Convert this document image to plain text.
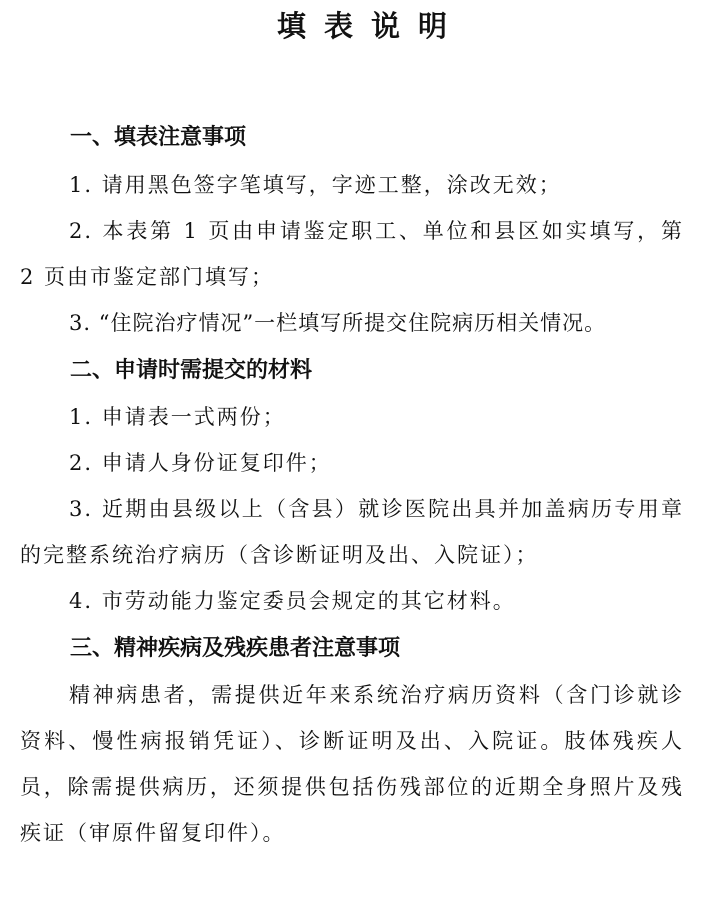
填表说明
一、填表注意事项
1. 请用黑色签字笔填写，字迹工整，涂改无效；
2. 本表第 1 页由申请鉴定职工、单位和县区如实填写，第 2 页由市鉴定部门填写；
3. “住院治疗情况”一栏填写所提交住院病历相关情况。
二、申请时需提交的材料
1. 申请表一式两份；
2. 申请人身份证复印件；
3. 近期由县级以上（含县）就诊医院出具并加盖病历专用章的完整系统治疗病历（含诊断证明及出、入院证）；
4. 市劳动能力鉴定委员会规定的其它材料。
三、精神疾病及残疾患者注意事项
精神病患者，需提供近年来系统治疗病历资料（含门诊就诊资料、慢性病报销凭证）、诊断证明及出、入院证。肢体残疾人员，除需提供病历，还须提供包括伤残部位的近期全身照片及残疾证（审原件留复印件）。
